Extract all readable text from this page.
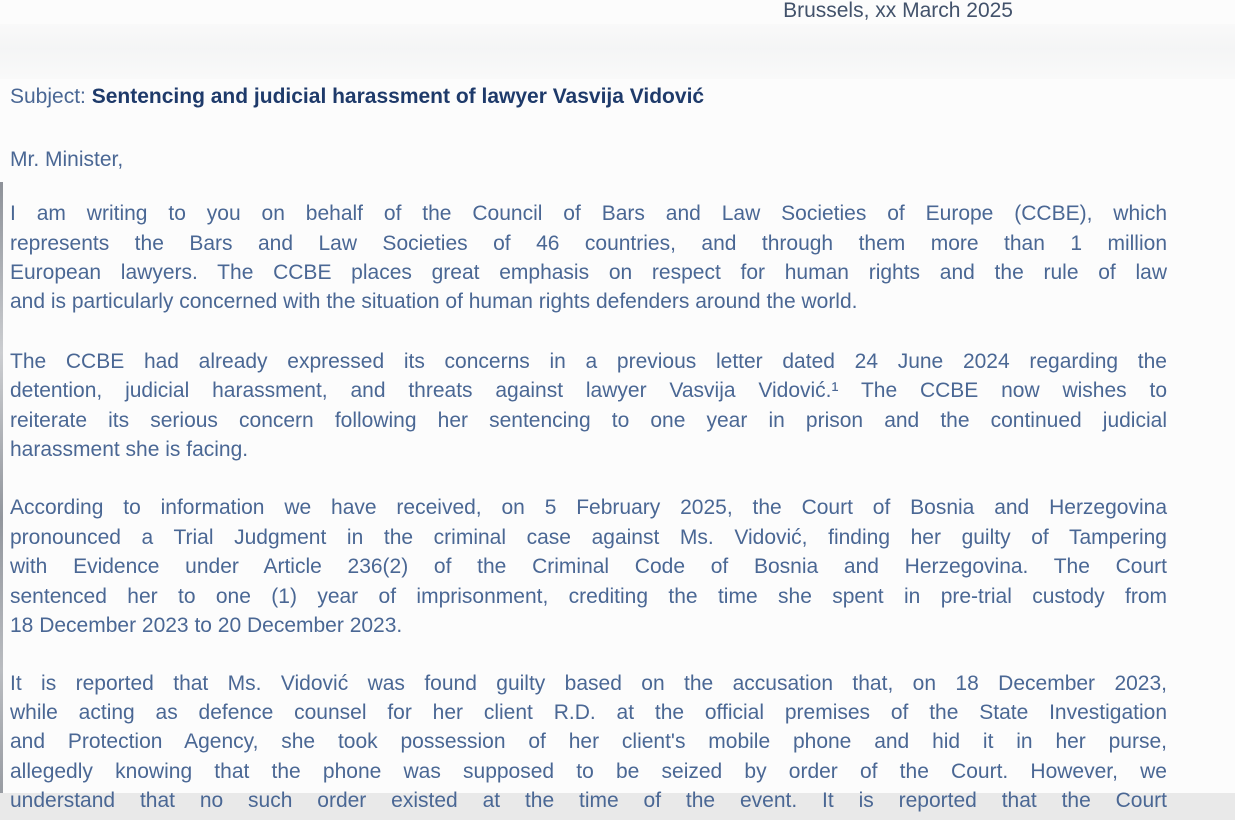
Brussels, xx March 2025
Subject: Sentencing and judicial harassment of lawyer Vasvija Vidović
Mr. Minister,
I am writing to you on behalf of the Council of Bars and Law Societies of Europe (CCBE), which
represents the Bars and Law Societies of 46 countries, and through them more than 1 million
European lawyers. The CCBE places great emphasis on respect for human rights and the rule of law
and is particularly concerned with the situation of human rights defenders around the world.
The CCBE had already expressed its concerns in a previous letter dated 24 June 2024 regarding the
detention, judicial harassment, and threats against lawyer Vasvija Vidović.¹ The CCBE now wishes to
reiterate its serious concern following her sentencing to one year in prison and the continued judicial
harassment she is facing.
According to information we have received, on 5 February 2025, the Court of Bosnia and Herzegovina
pronounced a Trial Judgment in the criminal case against Ms. Vidović, finding her guilty of Tampering
with Evidence under Article 236(2) of the Criminal Code of Bosnia and Herzegovina. The Court
sentenced her to one (1) year of imprisonment, crediting the time she spent in pre-trial custody from
18 December 2023 to 20 December 2023.
It is reported that Ms. Vidović was found guilty based on the accusation that, on 18 December 2023,
while acting as defence counsel for her client R.D. at the official premises of the State Investigation
and Protection Agency, she took possession of her client's mobile phone and hid it in her purse,
allegedly knowing that the phone was supposed to be seized by order of the Court. However, we
understand that no such order existed at the time of the event. It is reported that the Court
